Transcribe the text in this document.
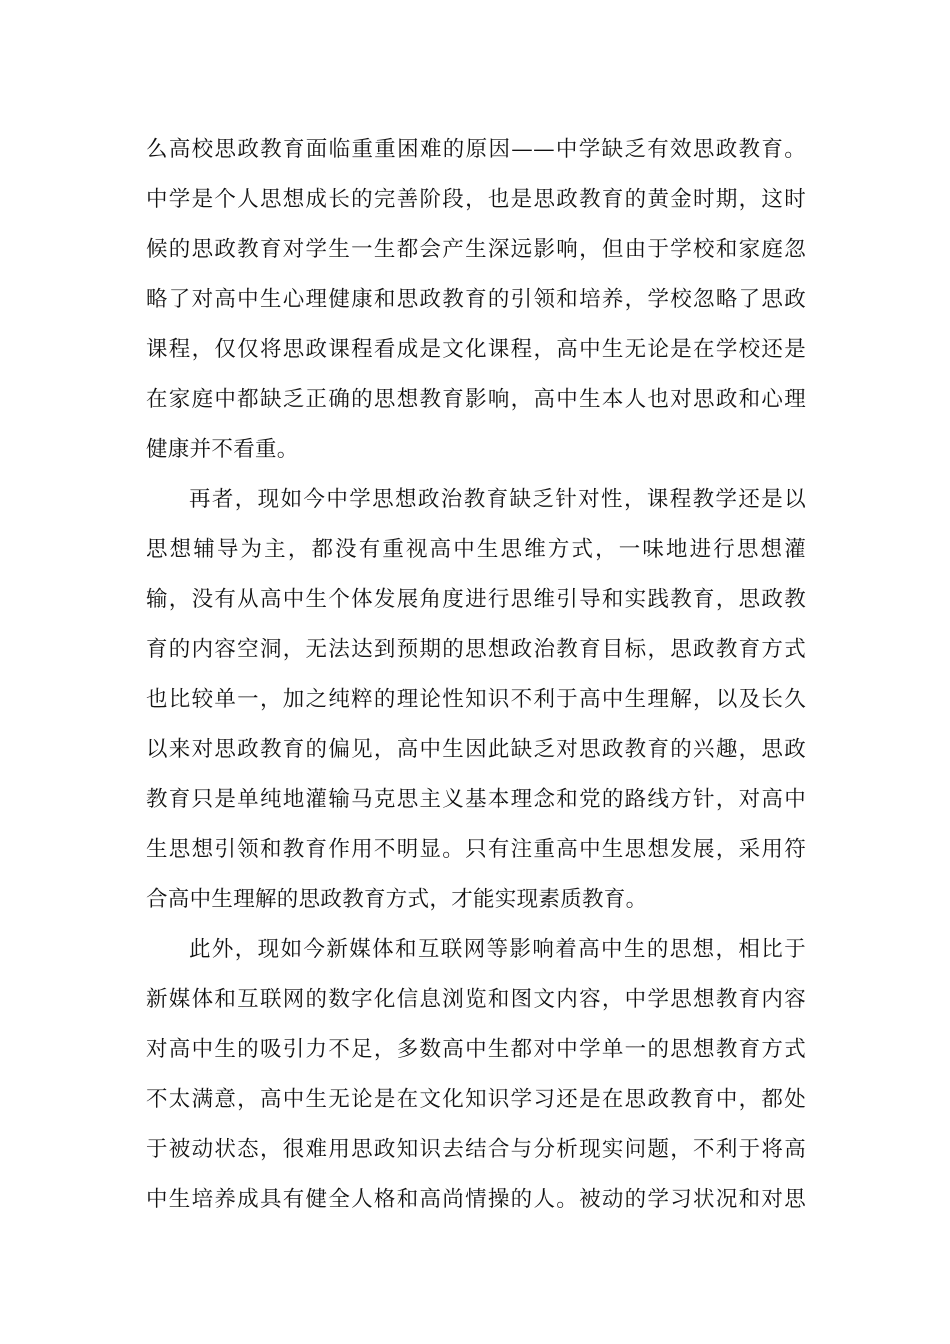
么高校思政教育面临重重困难的原因——中学缺乏有效思政教育。
中学是个人思想成长的完善阶段，也是思政教育的黄金时期，这时
候的思政教育对学生一生都会产生深远影响，但由于学校和家庭忽
略了对高中生心理健康和思政教育的引领和培养，学校忽略了思政
课程，仅仅将思政课程看成是文化课程，高中生无论是在学校还是
在家庭中都缺乏正确的思想教育影响，高中生本人也对思政和心理
健康并不看重。
再者，现如今中学思想政治教育缺乏针对性，课程教学还是以
思想辅导为主，都没有重视高中生思维方式，一味地进行思想灌
输，没有从高中生个体发展角度进行思维引导和实践教育，思政教
育的内容空洞，无法达到预期的思想政治教育目标，思政教育方式
也比较单一，加之纯粹的理论性知识不利于高中生理解，以及长久
以来对思政教育的偏见，高中生因此缺乏对思政教育的兴趣，思政
教育只是单纯地灌输马克思主义基本理念和党的路线方针，对高中
生思想引领和教育作用不明显。只有注重高中生思想发展，采用符
合高中生理解的思政教育方式，才能实现素质教育。
此外，现如今新媒体和互联网等影响着高中生的思想，相比于
新媒体和互联网的数字化信息浏览和图文内容，中学思想教育内容
对高中生的吸引力不足，多数高中生都对中学单一的思想教育方式
不太满意，高中生无论是在文化知识学习还是在思政教育中，都处
于被动状态，很难用思政知识去结合与分析现实问题，不利于将高
中生培养成具有健全人格和高尚情操的人。被动的学习状况和对思
